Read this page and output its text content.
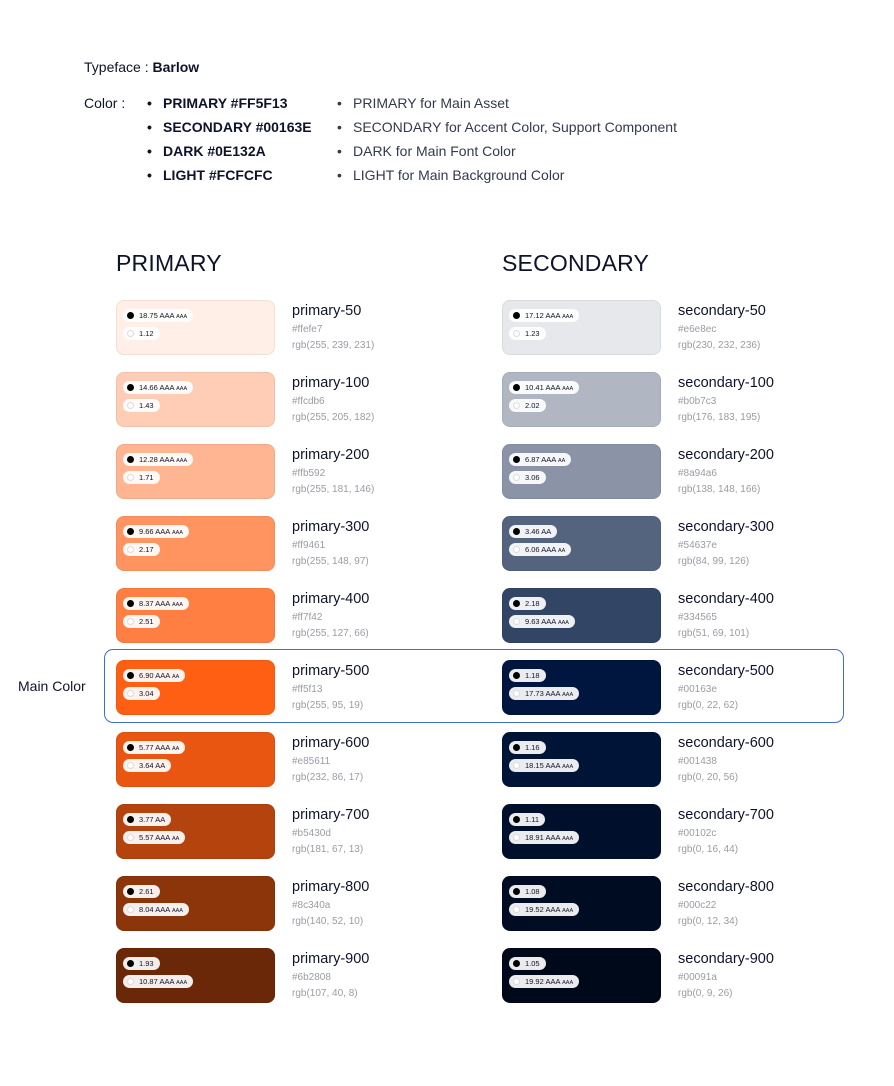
Typeface : Barlow
Color :
•	PRIMARY #FF5F13
• SECONDARY #00163E
• DARK #0E132A
• LIGHT #FCFCFC
• PRIMARY for Main Asset
• SECONDARY for Accent Color, Support Component
• DARK for Main Font Color
• LIGHT for Main Background Color
PRIMARY	SECONDARY
18.75 AAA AAA
1.12
primary-50
#ffefe7
rgb(255, 239, 231)
14.66 AAA AAA
1.43
primary-100
#ffcdb6
rgb(255, 205, 182)
12.28 AAA AAA
1.71
primary-200
#ffb592
rgb(255, 181, 146)
9.66 AAA AAA
2.17
primary-300
#ff9461
rgb(255, 148, 97)
8.37 AAA AAA
2.51
primary-400
#ff7f42
rgb(255, 127, 66)
6.90 AAA AA
3.04
primary-500
#ff5f13
rgb(255, 95, 19)
5.77 AAA AA
3.64 AA
primary-600
#e85611
rgb(232, 86, 17)
3.77 AA
5.57 AAA AA
primary-700
#b5430d
rgb(181, 67, 13)
2.61
8.04 AAA AAA
primary-800
#8c340a
rgb(140, 52, 10)
1.93
10.87 AAA AAA
primary-900
#6b2808
rgb(107, 40, 8)
17.12 AAA AAA
1.23
secondary-50
#e6e8ec
rgb(230, 232, 236)
10.41 AAA AAA
2.02
secondary-100
#b0b7c3
rgb(176, 183, 195)
6.87 AAA AA
3.06
secondary-200
#8a94a6
rgb(138, 148, 166)
3.46 AA
6.06 AAA AA
secondary-300
#54637e
rgb(84, 99, 126)
2.18
9.63 AAA AAA
secondary-400
#334565
rgb(51, 69, 101)
1.18
17.73 AAA AAA
secondary-500
#00163e
rgb(0, 22, 62)
1.16
18.15 AAA AAA
secondary-600
#001438
rgb(0, 20, 56)
1.11
18.91 AAA AAA
secondary-700
#00102c
rgb(0, 16, 44)
1.08
19.52 AAA AAA
secondary-800
#000c22
rgb(0, 12, 34)
1.05
19.92 AAA AAA
secondary-900
#00091a
rgb(0, 9, 26)
Main Color
